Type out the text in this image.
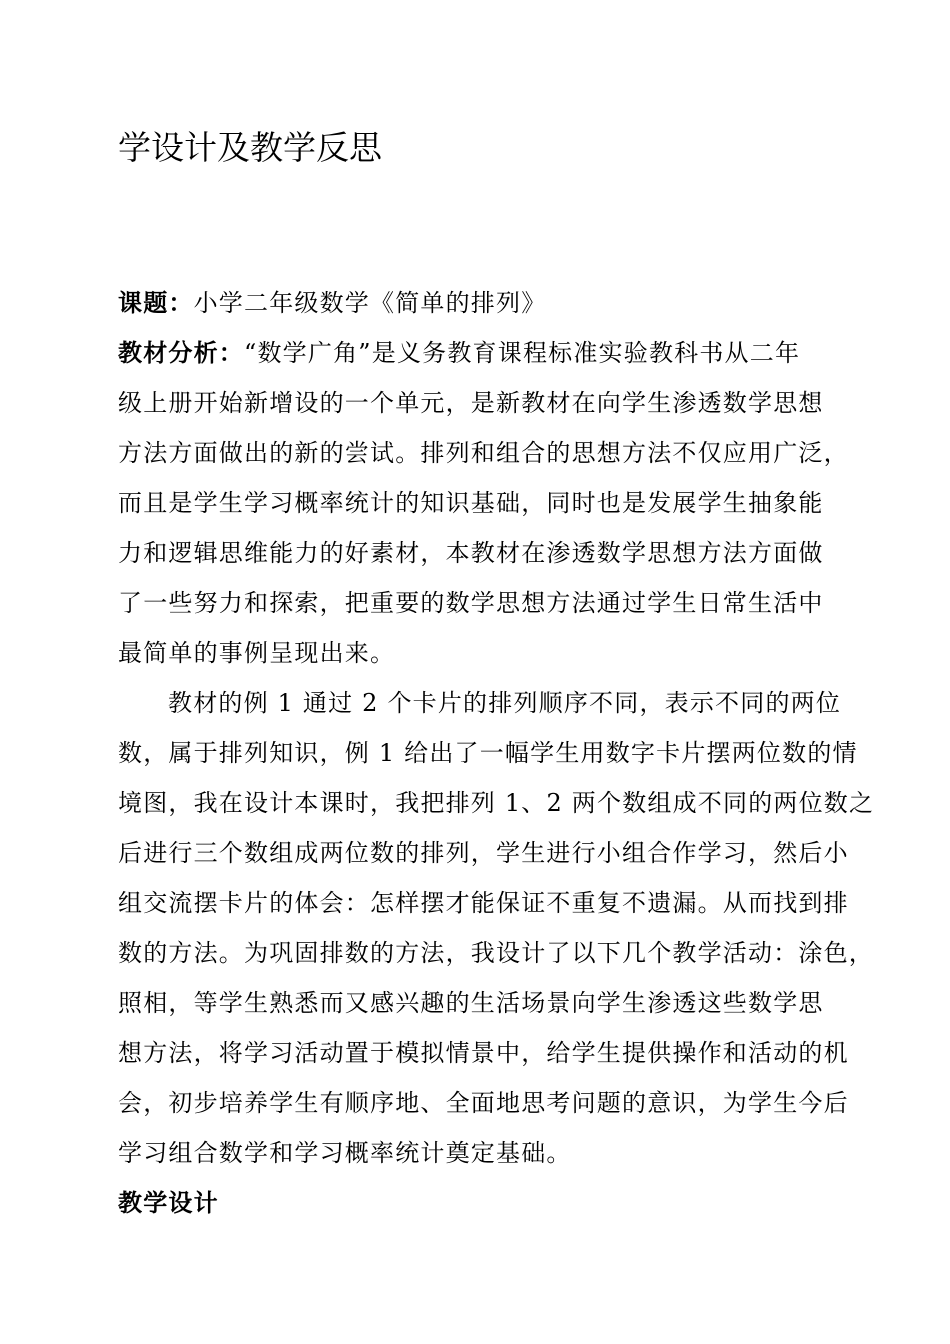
学设计及教学反思
课题：小学二年级数学《简单的排列》
教材分析：“数学广角”是义务教育课程标准实验教科书从二年
级上册开始新增设的一个单元，是新教材在向学生渗透数学思想
方法方面做出的新的尝试。排列和组合的思想方法不仅应用广泛，
而且是学生学习概率统计的知识基础，同时也是发展学生抽象能
力和逻辑思维能力的好素材，本教材在渗透数学思想方法方面做
了一些努力和探索，把重要的数学思想方法通过学生日常生活中
最简单的事例呈现出来。
教材的例 1 通过 2 个卡片的排列顺序不同，表示不同的两位
数，属于排列知识，例 1 给出了一幅学生用数字卡片摆两位数的情
境图，我在设计本课时，我把排列 1、2 两个数组成不同的两位数之
后进行三个数组成两位数的排列，学生进行小组合作学习，然后小
组交流摆卡片的体会：怎样摆才能保证不重复不遗漏。从而找到排
数的方法。为巩固排数的方法，我设计了以下几个教学活动：涂色，
照相，等学生熟悉而又感兴趣的生活场景向学生渗透这些数学思
想方法，将学习活动置于模拟情景中，给学生提供操作和活动的机
会，初步培养学生有顺序地、全面地思考问题的意识，为学生今后
学习组合数学和学习概率统计奠定基础。
教学设计
